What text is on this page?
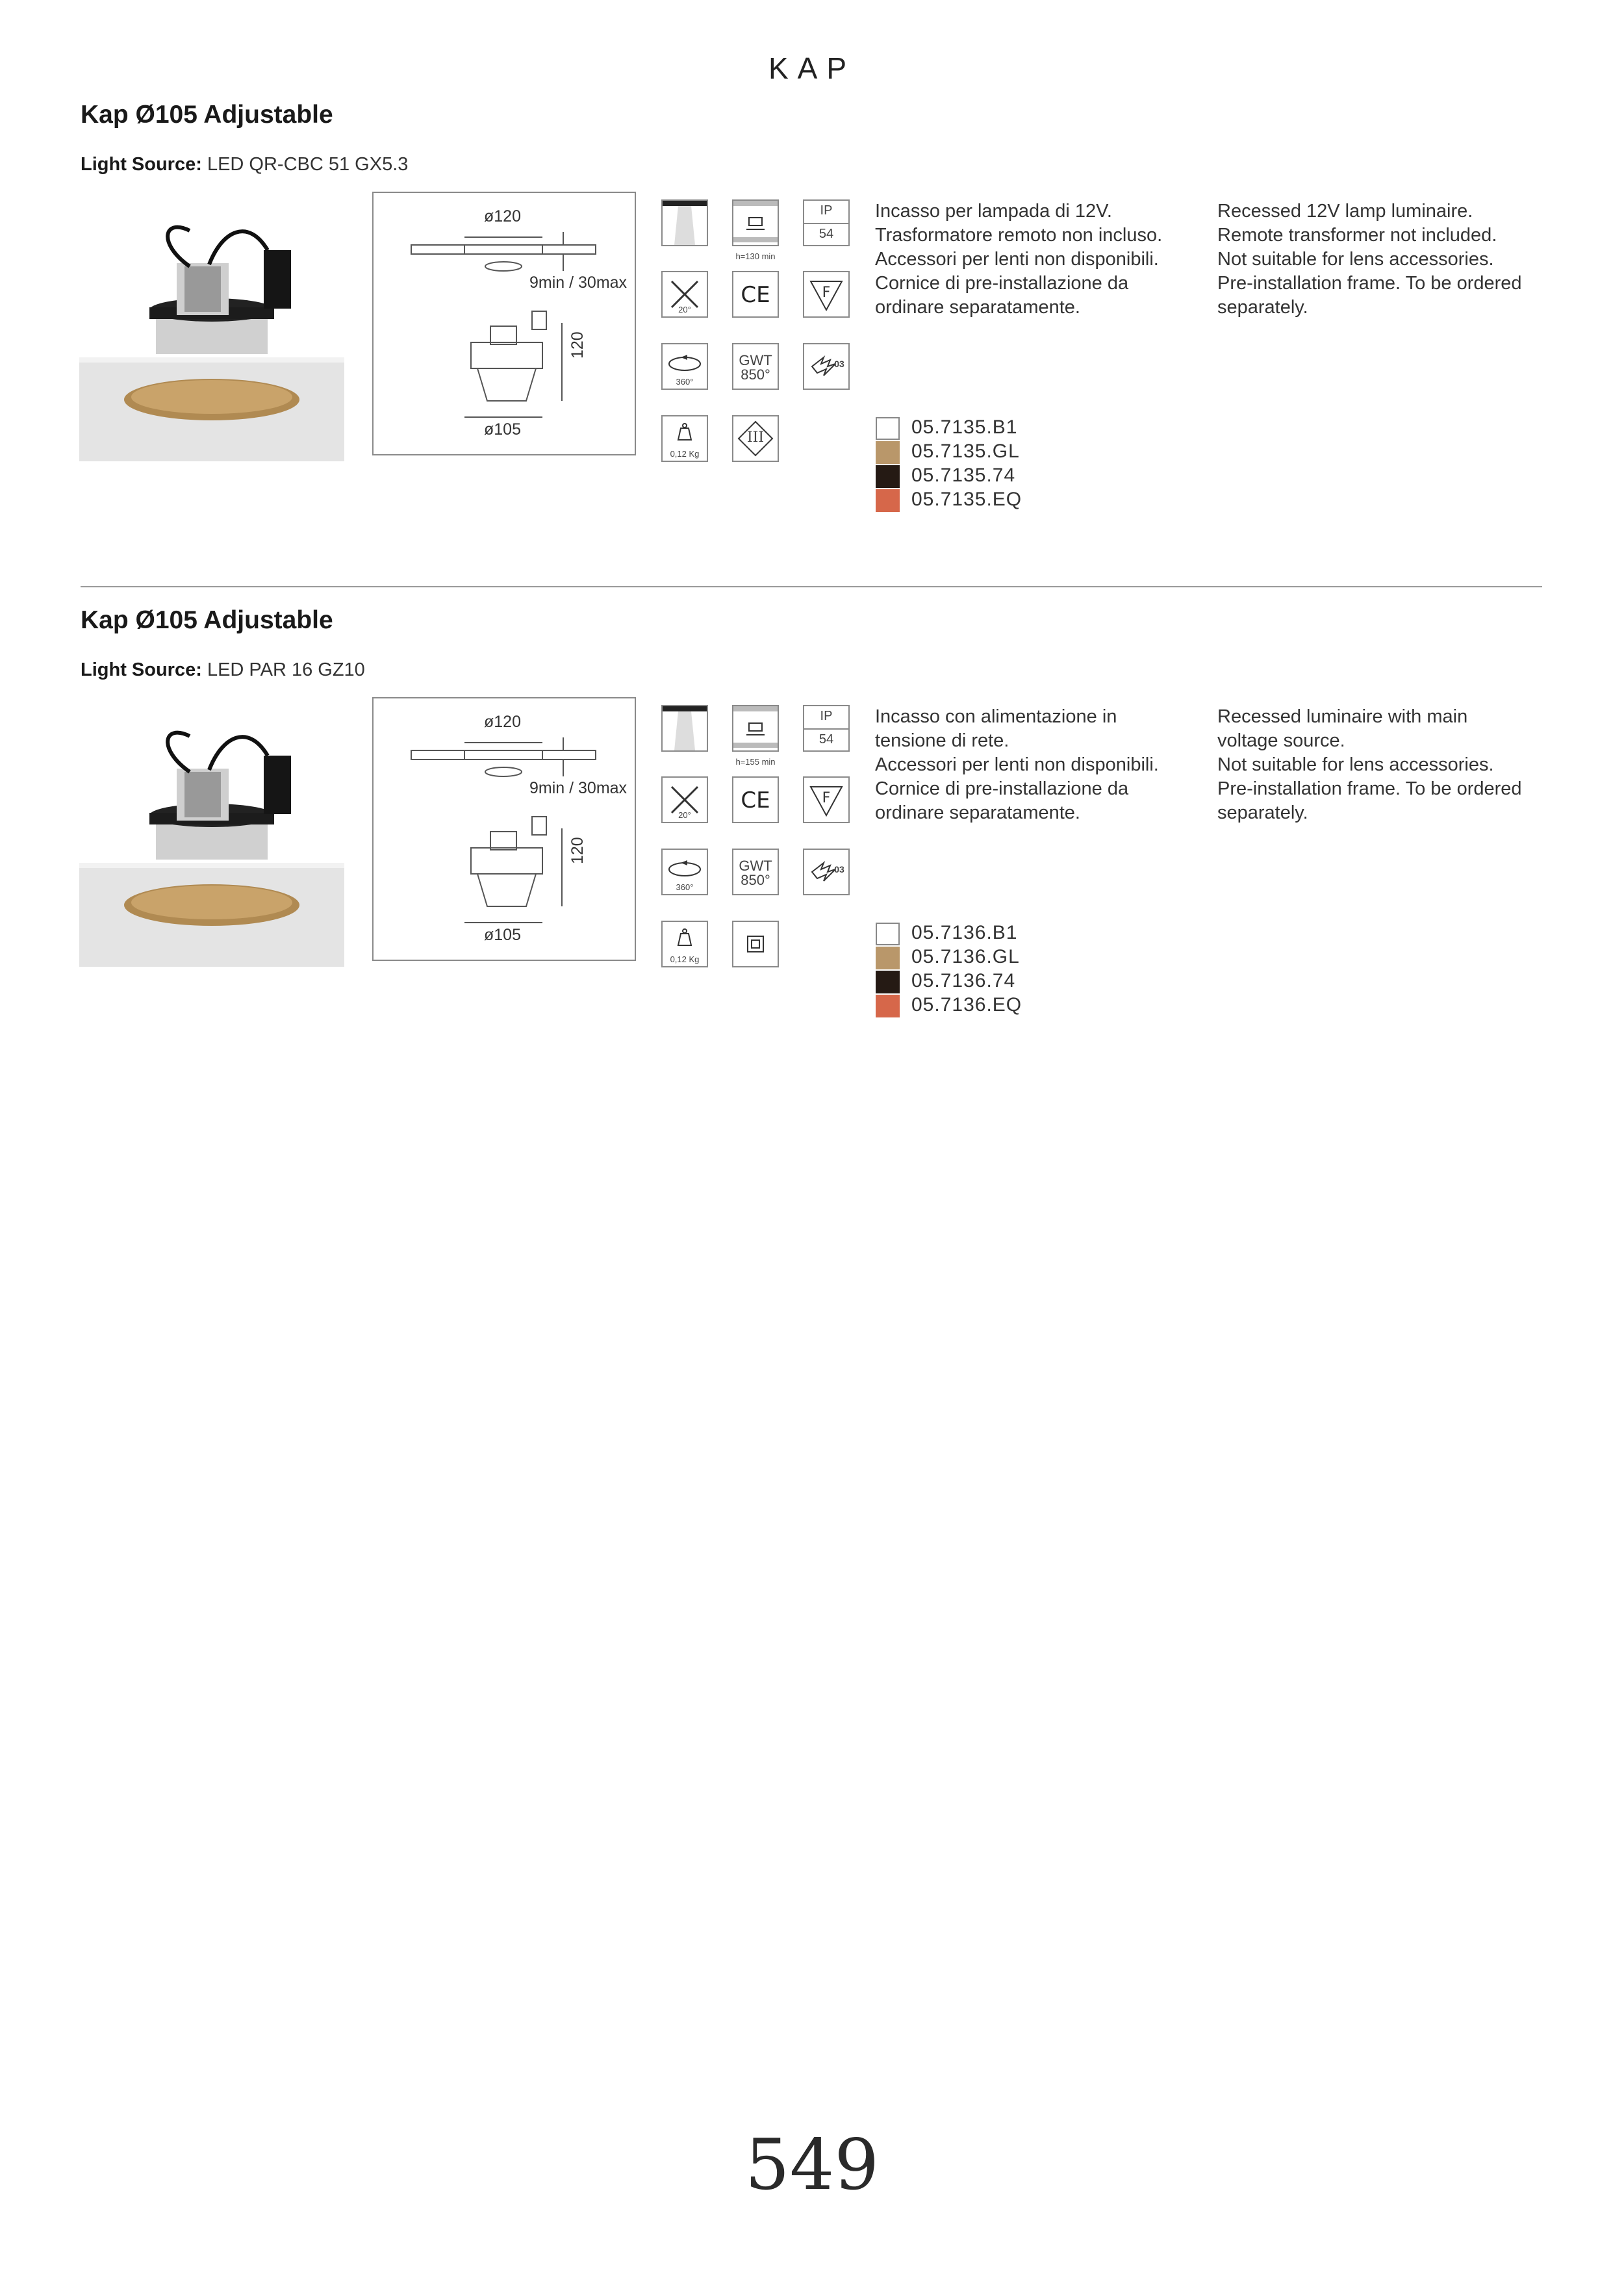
KAP
Kap Ø105 Adjustable
Light Source: LED QR-CBC 51 GX5.3
ø120
9min / 30max
120
ø105
20°
360°
0,12 Kg
h=130 min
CE
GWT
850°
III
IP
54
F
03
Incasso per lampada di 12V.
Trasformatore remoto non incluso.
Accessori per lenti non disponibili.
Cornice di pre-installazione da
ordinare separatamente.
Recessed 12V lamp luminaire.
Remote transformer not included.
Not suitable for lens accessories.
Pre-installation frame. To be ordered
separately.
05.7135.B1
05.7135.GL
05.7135.74
05.7135.EQ
Kap Ø105 Adjustable
Light Source: LED PAR 16 GZ10
ø120
9min / 30max
120
ø105
20°
360°
0,12 Kg
h=155 min
CE
GWT
850°
IP
54
F
03
Incasso con alimentazione in
tensione di rete.
Accessori per lenti non disponibili.
Cornice di pre-installazione da
ordinare separatamente.
Recessed luminaire with main
voltage source.
Not suitable for lens accessories.
Pre-installation frame. To be ordered
separately.
05.7136.B1
05.7136.GL
05.7136.74
05.7136.EQ
549
